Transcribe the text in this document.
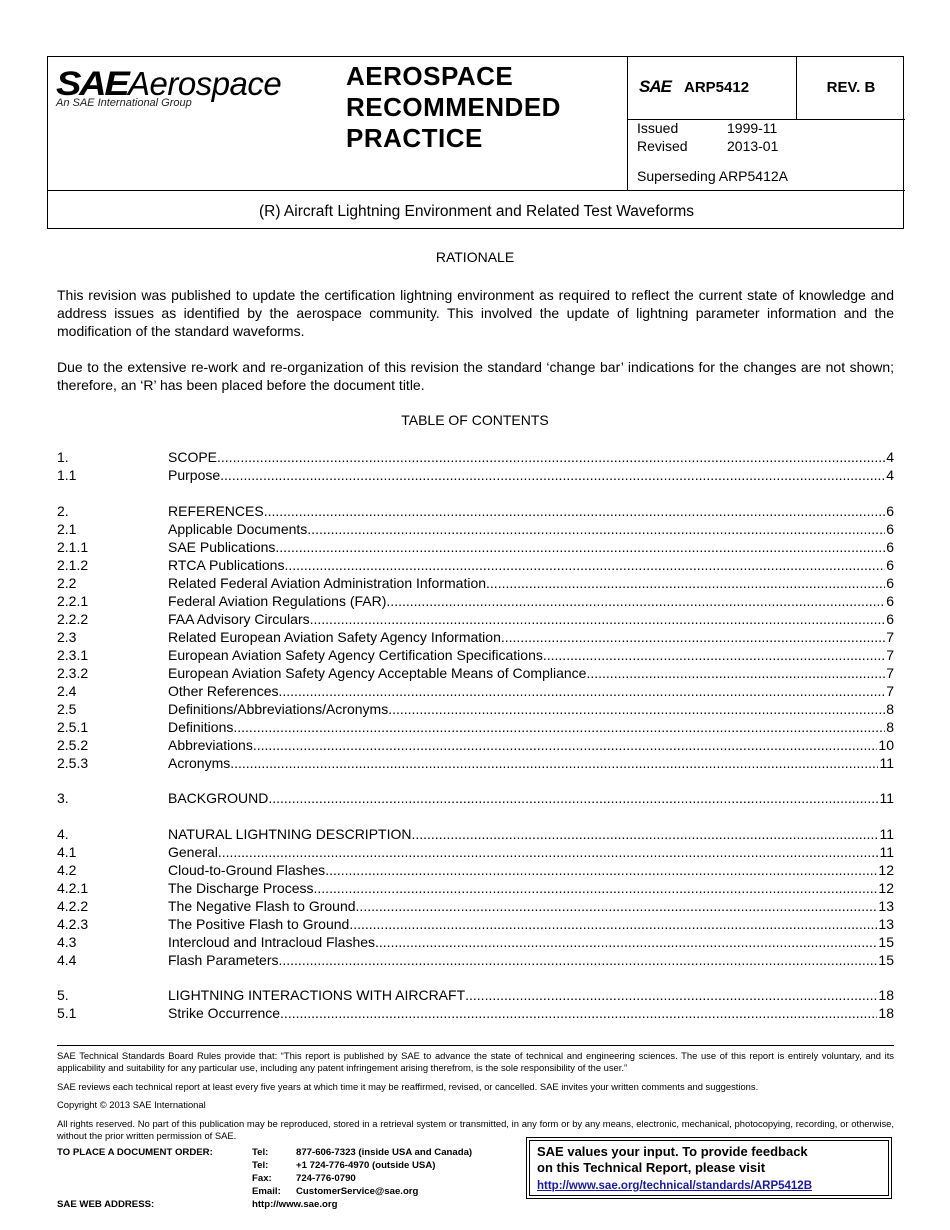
SAE Aerospace
An SAE International Group
AEROSPACE
RECOMMENDED
PRACTICE
SAE ARP5412	REV. B
Issued	1999-11
Revised	2013-01
Superseding ARP5412A
(R) Aircraft Lightning Environment and Related Test Waveforms
RATIONALE
This revision was published to update the certification lightning environment as required to reflect the current state of knowledge and address issues as identified by the aerospace community. This involved the update of lightning parameter information and the modification of the standard waveforms.
Due to the extensive re-work and re-organization of this revision the standard ‘change bar’ indications for the changes are not shown; therefore, an ‘R’ has been placed before the document title.
TABLE OF CONTENTS
1.	SCOPE .....	4
1.1	Purpose .....	4
2.	REFERENCES .....	6
2.1	Applicable Documents .....	6
2.1.1	SAE Publications .....	6
2.1.2	RTCA Publications .....	6
2.2	Related Federal Aviation Administration Information .....	6
2.2.1	Federal Aviation Regulations (FAR) .....	6
2.2.2	FAA Advisory Circulars .....	6
2.3	Related European Aviation Safety Agency Information .....	7
2.3.1	European Aviation Safety Agency Certification Specifications .....	7
2.3.2	European Aviation Safety Agency Acceptable Means of Compliance .....	7
2.4	Other References .....	7
2.5	Definitions/Abbreviations/Acronyms .....	8
2.5.1	Definitions .....	8
2.5.2	Abbreviations .....	10
2.5.3	Acronyms .....	11
3.	BACKGROUND .....	11
4.	NATURAL LIGHTNING DESCRIPTION .....	11
4.1	General .....	11
4.2	Cloud-to-Ground Flashes .....	12
4.2.1	The Discharge Process .....	12
4.2.2	The Negative Flash to Ground .....	13
4.2.3	The Positive Flash to Ground .....	13
4.3	Intercloud and Intracloud Flashes .....	15
4.4	Flash Parameters .....	15
5.	LIGHTNING INTERACTIONS WITH AIRCRAFT .....	18
5.1	Strike Occurrence .....	18
SAE Technical Standards Board Rules provide that: “This report is published by SAE to advance the state of technical and engineering sciences. The use of this report is entirely voluntary, and its applicability and suitability for any particular use, including any patent infringement arising therefrom, is the sole responsibility of the user.”
SAE reviews each technical report at least every five years at which time it may be reaffirmed, revised, or cancelled. SAE invites your written comments and suggestions.
Copyright © 2013 SAE International
All rights reserved. No part of this publication may be reproduced, stored in a retrieval system or transmitted, in any form or by any means, electronic, mechanical, photocopying, recording, or otherwise, without the prior written permission of SAE.
TO PLACE A DOCUMENT ORDER:	Tel:	877-606-7323 (inside USA and Canada)
Tel:	+1 724-776-4970 (outside USA)
Fax:	724-776-0790
Email: CustomerService@sae.org
SAE WEB ADDRESS:	http://www.sae.org
SAE values your input. To provide feedback
on this Technical Report, please visit
http://www.sae.org/technical/standards/ARP5412B
